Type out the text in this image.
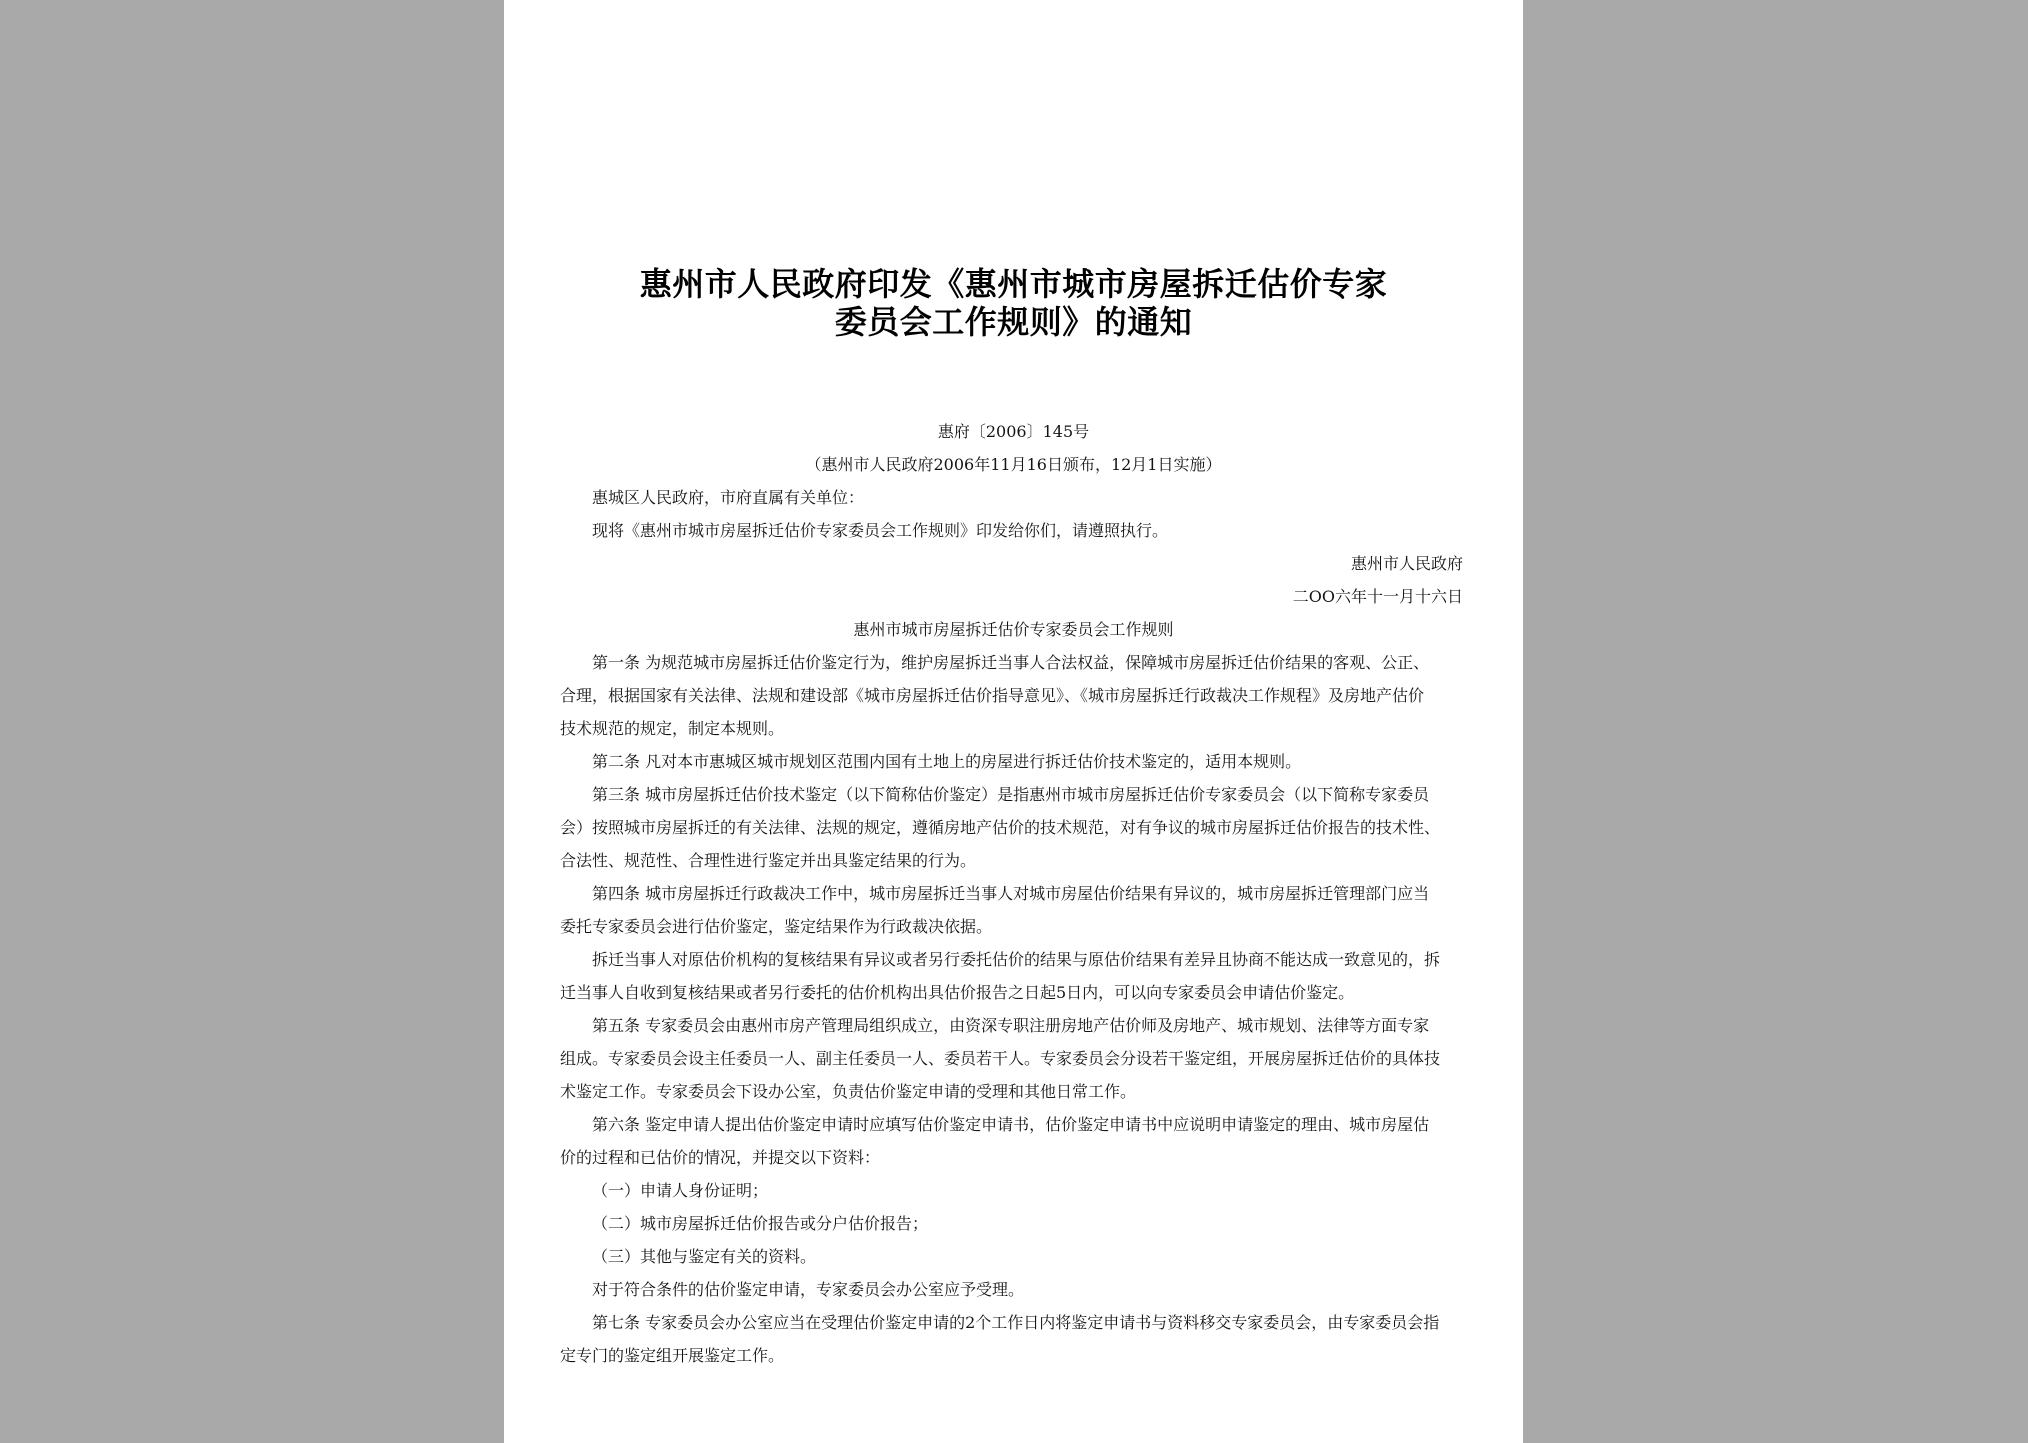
惠州市人民政府印发《惠州市城市房屋拆迁估价专家
委员会工作规则》的通知
惠府〔2006〕145号
（惠州市人民政府2006年11月16日颁布，12月1日实施）
惠城区人民政府，市府直属有关单位：
现将《惠州市城市房屋拆迁估价专家委员会工作规则》印发给你们，请遵照执行。
惠州市人民政府
二OO六年十一月十六日
惠州市城市房屋拆迁估价专家委员会工作规则
第一条 为规范城市房屋拆迁估价鉴定行为，维护房屋拆迁当事人合法权益，保障城市房屋拆迁估价结果的客观、公正、
合理，根据国家有关法律、法规和建设部《城市房屋拆迁估价指导意见》、《城市房屋拆迁行政裁决工作规程》及房地产估价
技术规范的规定，制定本规则。
第二条 凡对本市惠城区城市规划区范围内国有土地上的房屋进行拆迁估价技术鉴定的，适用本规则。
第三条 城市房屋拆迁估价技术鉴定（以下简称估价鉴定）是指惠州市城市房屋拆迁估价专家委员会（以下简称专家委员
会）按照城市房屋拆迁的有关法律、法规的规定，遵循房地产估价的技术规范，对有争议的城市房屋拆迁估价报告的技术性、
合法性、规范性、合理性进行鉴定并出具鉴定结果的行为。
第四条 城市房屋拆迁行政裁决工作中，城市房屋拆迁当事人对城市房屋估价结果有异议的，城市房屋拆迁管理部门应当
委托专家委员会进行估价鉴定，鉴定结果作为行政裁决依据。
拆迁当事人对原估价机构的复核结果有异议或者另行委托估价的结果与原估价结果有差异且协商不能达成一致意见的，拆
迁当事人自收到复核结果或者另行委托的估价机构出具估价报告之日起5日内，可以向专家委员会申请估价鉴定。
第五条 专家委员会由惠州市房产管理局组织成立，由资深专职注册房地产估价师及房地产、城市规划、法律等方面专家
组成。专家委员会设主任委员一人、副主任委员一人、委员若干人。专家委员会分设若干鉴定组，开展房屋拆迁估价的具体技
术鉴定工作。专家委员会下设办公室，负责估价鉴定申请的受理和其他日常工作。
第六条 鉴定申请人提出估价鉴定申请时应填写估价鉴定申请书，估价鉴定申请书中应说明申请鉴定的理由、城市房屋估
价的过程和已估价的情况，并提交以下资料：
（一）申请人身份证明；
（二）城市房屋拆迁估价报告或分户估价报告；
（三）其他与鉴定有关的资料。
对于符合条件的估价鉴定申请，专家委员会办公室应予受理。
第七条 专家委员会办公室应当在受理估价鉴定申请的2个工作日内将鉴定申请书与资料移交专家委员会，由专家委员会指
定专门的鉴定组开展鉴定工作。
